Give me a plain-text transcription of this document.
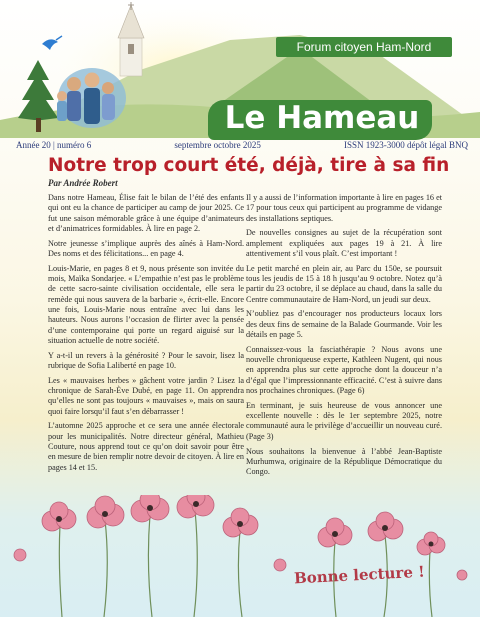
Forum citoyen Ham-Nord
Le Hameau
Année 20 | numéro 6	septembre octobre 2025	ISSN 1923-3000 dépôt légal BNQ
Notre trop court été, déjà, tire à sa fin
Par Andrée Robert

Dans notre Hameau, Élise fait le bilan de l’été des enfants qui ont eu la chance de participer au camp de jour 2025. Ce fut une saison mémorable grâce à une équipe d’animateurs et d’animatrices formidables. À lire en page 2.

Notre jeunesse s’implique auprès des aînés à Ham-Nord. Des noms et des félicitations... en page 4.

Louis-Marie, en pages 8 et 9, nous présente son invitée du mois, Maïka Sondarjee. « L’empathie n’est pas le problème de cette sacro-sainte civilisation occidentale, elle sera le remède qui nous sauvera de la barbarie », écrit-elle. Encore une fois, Louis-Marie nous entraîne avec lui dans les hauteurs. Nous aurons l’occasion de flirter avec la pensée d’une contemporaine qui porte un regard aiguisé sur la situation actuelle de notre société.

Y a-t-il un revers à la générosité ? Pour le savoir, lisez la rubrique de Sofia Laliberté en page 10.

Les « mauvaises herbes » gâchent votre jardin ? Lisez la chronique de Sarah-Ève Dubé, en page 11. On apprendra qu’elles ne sont pas toujours « mauvaises », mais on saura quoi faire lorsqu’il faut s’en débarrasser !

L’automne 2025 approche et ce sera une année électorale pour les municipalités. Notre directeur général, Mathieu Couture, nous apprend tout ce qu’on doit savoir pour être en mesure de bien remplir notre devoir de citoyen. À lire en pages 14 et 15.

Il y a aussi de l’information importante à lire en pages 16 et 17 pour tous ceux qui participent au programme de vidange des installations septiques.

De nouvelles consignes au sujet de la récupération sont amplement expliquées aux pages 19 à 21. À lire attentivement s’il vous plaît. C’est important !

Le petit marché en plein air, au Parc du 150e, se poursuit tous les jeudis de 15 à 18 h jusqu’au 9 octobre. Notez qu’à partir du 23 octobre, il se déplace au chaud, dans la salle du Centre communautaire de Ham-Nord, un jeudi sur deux.

N’oubliez pas d’encourager nos producteurs locaux lors des deux fins de semaine de la Balade Gourmande. Voir les détails en page 5.

Connaissez-vous la fasciathérapie ? Nous avons une nouvelle chroniqueuse experte, Kathleen Nugent, qui nous en apprendra plus sur cette approche dont la douceur n’a d’égal que l’impressionnante efficacité. C’est à suivre dans nos prochaines chroniques. (Page 6)

En terminant, je suis heureuse de vous annoncer une excellente nouvelle : dès le 1er septembre 2025, notre communauté aura le privilège d’accueillir un nouveau curé. (Page 3)

Nous souhaitons la bienvenue à l’abbé Jean-Baptiste Murhumwa, originaire de la République Démocratique du Congo.

Bonne lecture !
